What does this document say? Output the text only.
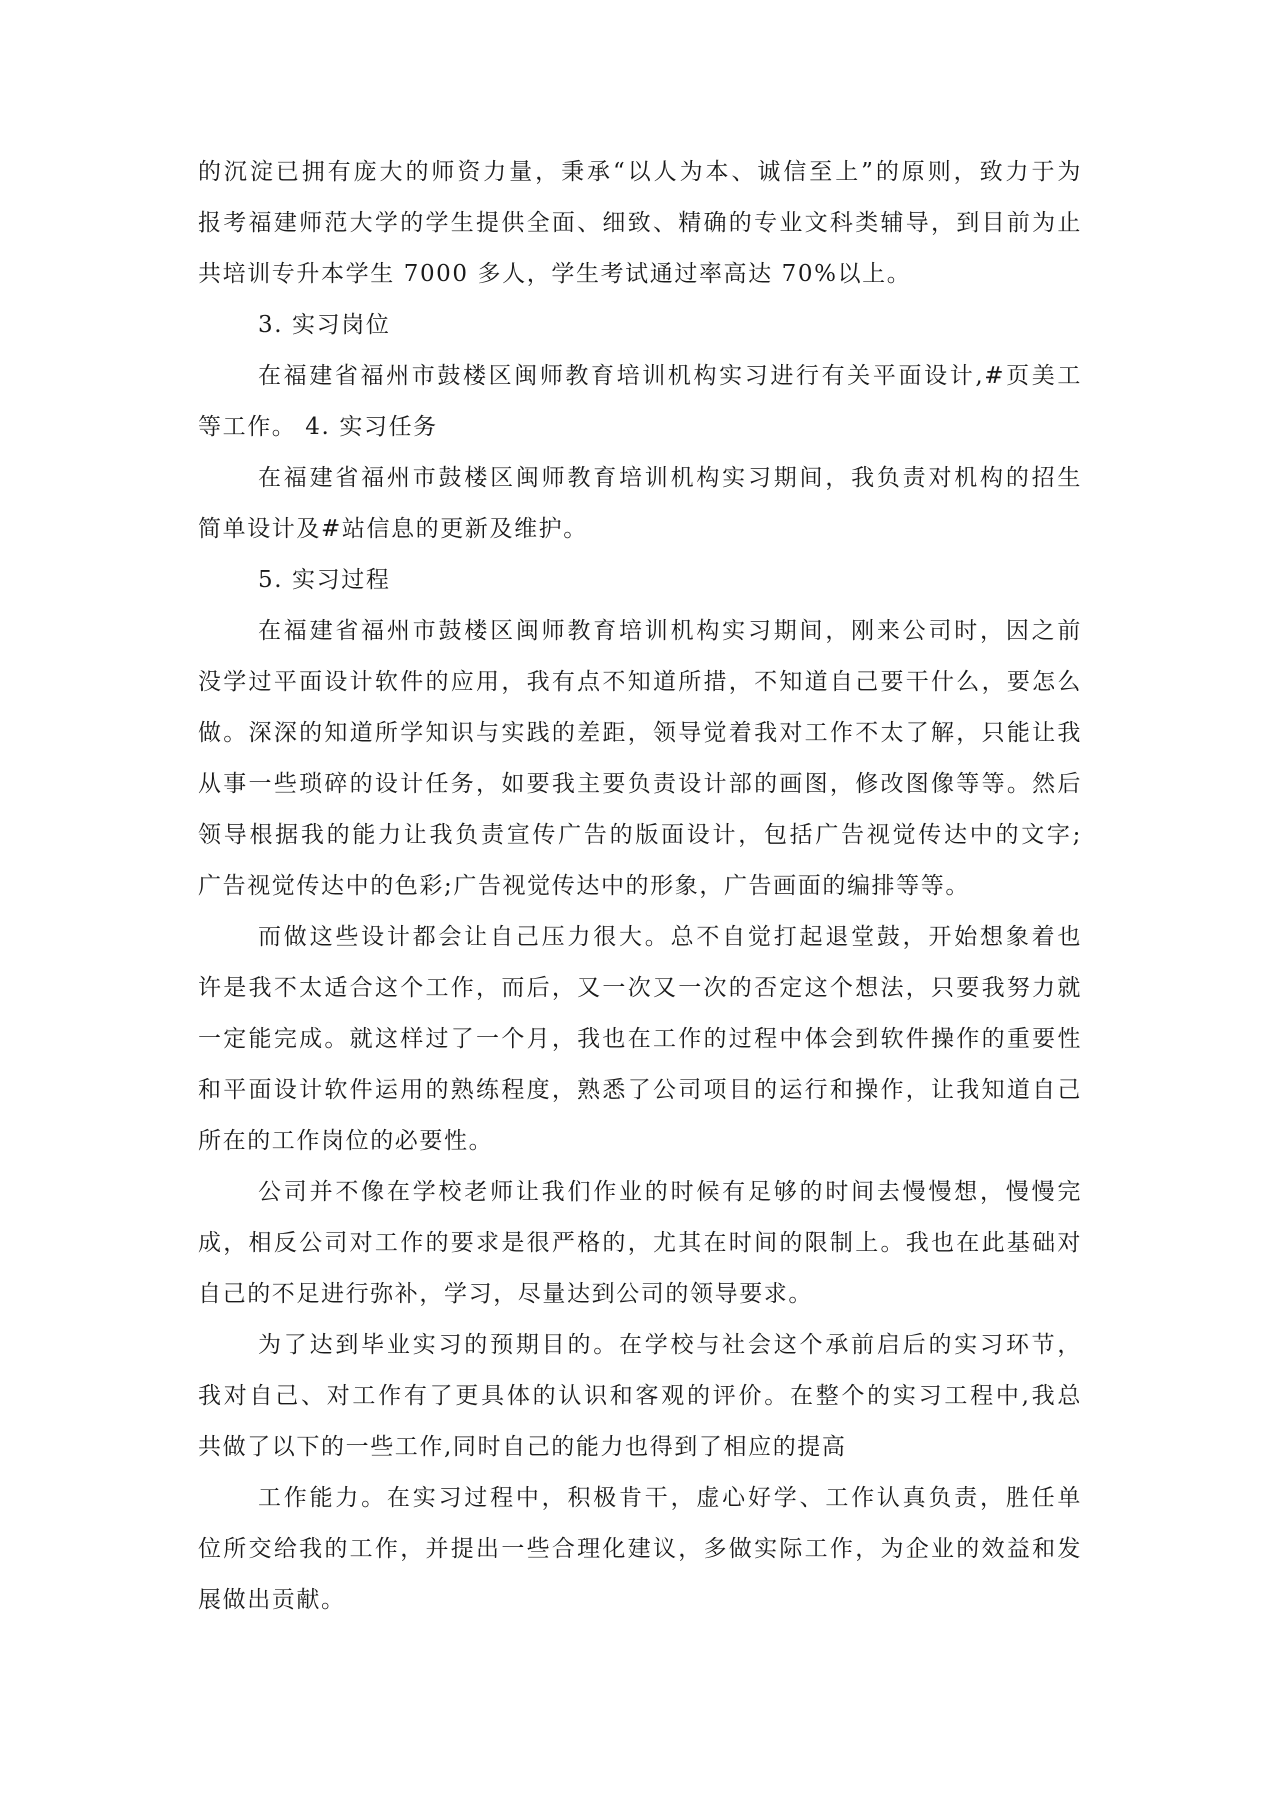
的沉淀已拥有庞大的师资力量，秉承“以人为本、诚信至上”的原则，致力于为

报考福建师范大学的学生提供全面、细致、精确的专业文科类辅导，到目前为止

共培训专升本学生 7000 多人，学生考试通过率高达 70%以上。

3. 实习岗位

在福建省福州市鼓楼区闽师教育培训机构实习进行有关平面设计,#页美工

等工作。 4. 实习任务

在福建省福州市鼓楼区闽师教育培训机构实习期间，我负责对机构的招生

简单设计及#站信息的更新及维护。

5. 实习过程

在福建省福州市鼓楼区闽师教育培训机构实习期间，刚来公司时，因之前

没学过平面设计软件的应用，我有点不知道所措，不知道自己要干什么，要怎么

做。深深的知道所学知识与实践的差距，领导觉着我对工作不太了解，只能让我

从事一些琐碎的设计任务，如要我主要负责设计部的画图，修改图像等等。然后

领导根据我的能力让我负责宣传广告的版面设计，包括广告视觉传达中的文字;

广告视觉传达中的色彩;广告视觉传达中的形象，广告画面的编排等等。

而做这些设计都会让自己压力很大。总不自觉打起退堂鼓，开始想象着也

许是我不太适合这个工作，而后，又一次又一次的否定这个想法，只要我努力就

一定能完成。就这样过了一个月，我也在工作的过程中体会到软件操作的重要性

和平面设计软件运用的熟练程度，熟悉了公司项目的运行和操作，让我知道自己

所在的工作岗位的必要性。

公司并不像在学校老师让我们作业的时候有足够的时间去慢慢想，慢慢完

成，相反公司对工作的要求是很严格的，尤其在时间的限制上。我也在此基础对

自己的不足进行弥补，学习，尽量达到公司的领导要求。

为了达到毕业实习的预期目的。在学校与社会这个承前启后的实习环节，

我对自己、对工作有了更具体的认识和客观的评价。在整个的实习工程中,我总

共做了以下的一些工作,同时自己的能力也得到了相应的提高

工作能力。在实习过程中，积极肯干，虚心好学、工作认真负责，胜任单

位所交给我的工作，并提出一些合理化建议，多做实际工作，为企业的效益和发

展做出贡献。
